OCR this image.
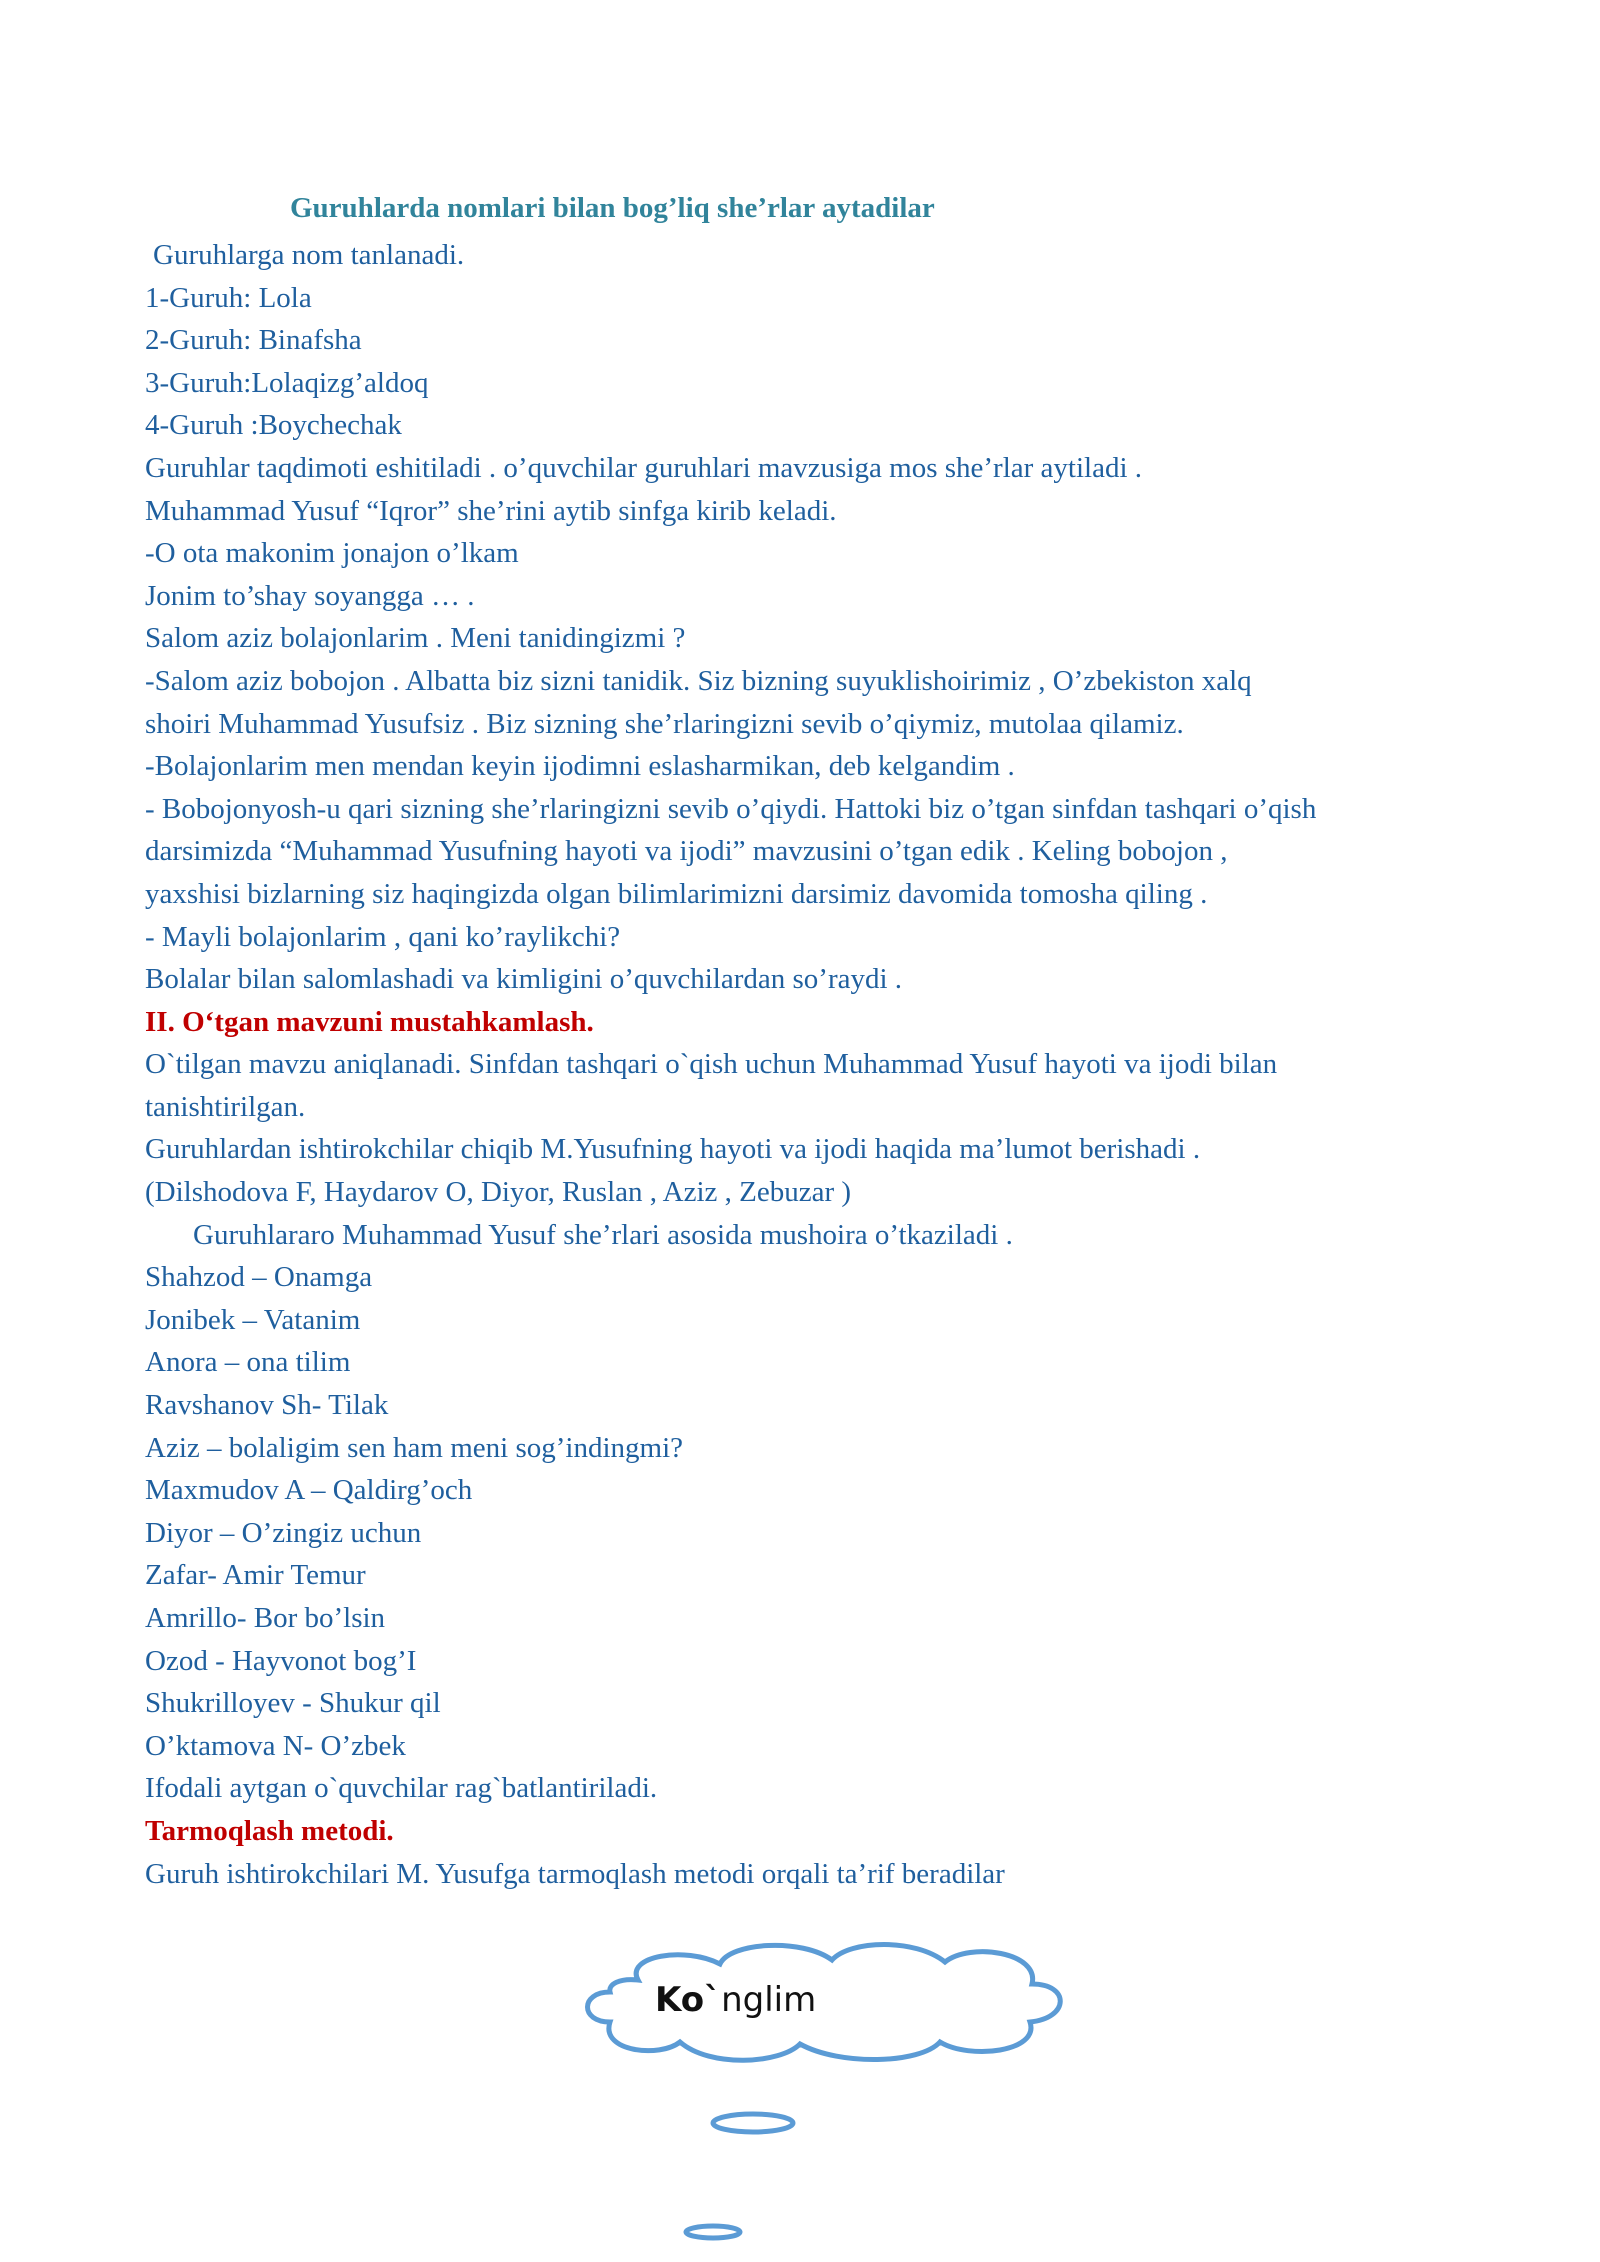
Guruhlarda nomlari bilan bog’liq she’rlar aytadilar
Guruhlarga nom tanlanadi.
1-Guruh: Lola
2-Guruh: Binafsha
3-Guruh:Lolaqizg’aldoq
4-Guruh :Boychechak
Guruhlar taqdimoti eshitiladi . o’quvchilar guruhlari mavzusiga mos she’rlar aytiladi .
Muhammad Yusuf “Iqror” she’rini aytib sinfga kirib keladi.
-O ota makonim jonajon o’lkam
Jonim to’shay soyangga … .
Salom aziz bolajonlarim . Meni tanidingizmi ?
-Salom aziz bobojon . Albatta biz sizni tanidik. Siz bizning suyuklishoirimiz , O’zbekiston xalq
shoiri Muhammad Yusufsiz . Biz sizning she’rlaringizni sevib o’qiymiz, mutolaa qilamiz.
-Bolajonlarim men mendan keyin ijodimni eslasharmikan, deb kelgandim .
- Bobojonyosh-u qari sizning she’rlaringizni sevib o’qiydi. Hattoki biz o’tgan sinfdan tashqari o’qish
darsimizda “Muhammad Yusufning hayoti va ijodi” mavzusini o’tgan edik . Keling bobojon ,
yaxshisi bizlarning siz haqingizda olgan bilimlarimizni darsimiz davomida tomosha qiling .
- Mayli bolajonlarim , qani ko’raylikchi?
Bolalar bilan salomlashadi va kimligini o’quvchilardan so’raydi .
II. O‘tgan mavzuni mustahkamlash.
O`tilgan mavzu aniqlanadi. Sinfdan tashqari o`qish uchun Muhammad Yusuf hayoti va ijodi bilan
tanishtirilgan.
Guruhlardan ishtirokchilar chiqib M.Yusufning hayoti va ijodi haqida ma’lumot berishadi .
(Dilshodova F, Haydarov O, Diyor, Ruslan , Aziz , Zebuzar )
Guruhlararo Muhammad Yusuf she’rlari asosida mushoira o’tkaziladi .
Shahzod – Onamga
Jonibek – Vatanim
Anora – ona tilim
Ravshanov Sh- Tilak
Aziz – bolaligim sen ham meni sog’indingmi?
Maxmudov A – Qaldirg’och
Diyor – O’zingiz uchun
Zafar- Amir Temur
Amrillo- Bor bo’lsin
Ozod - Hayvonot bog’I
Shukrilloyev - Shukur qil
O’ktamova N- O’zbek
Ifodali aytgan o`quvchilar rag`batlantiriladi.
Tarmoqlash metodi.
Guruh ishtirokchilari M. Yusufga tarmoqlash metodi orqali ta’rif beradilar
Ko`nglim
